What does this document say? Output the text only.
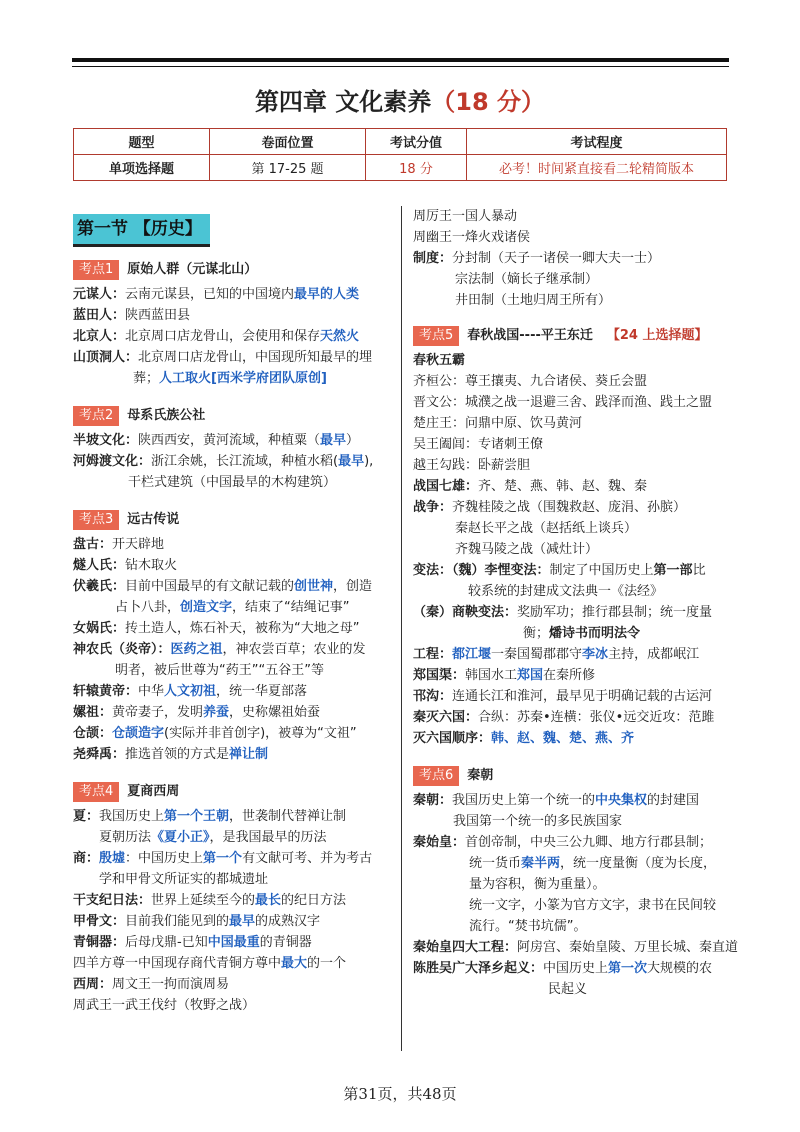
第四章 文化素养（18 分）
题型	卷面位置	考试分值	考试程度
单项选择题	第 17-25 题	18 分	必考！时间紧直接看二轮精简版本
第一节 【历史】
考点1	原始人群（元谋北山）
元谋人：云南元谋县，已知的中国境内最早的人类
蓝田人：陕西蓝田县
北京人：北京周口店龙骨山，会使用和保存天然火
山顶洞人：北京周口店龙骨山，中国现所知最早的埋
葬；人工取火[西米学府团队原创]
考点2	母系氏族公社
半坡文化：陕西西安，黄河流域，种植粟（最早）
河姆渡文化：浙江余姚，长江流域，种植水稻(最早),
干栏式建筑（中国最早的木构建筑）
考点3	远古传说
盘古：开天辟地
燧人氏：钻木取火
伏羲氏：目前中国最早的有文献记载的创世神，创造
占卜八卦，创造文字，结束了“结绳记事”
女娲氏：抟土造人，炼石补天，被称为“大地之母”
神农氏（炎帝）：医药之祖，神农尝百草；农业的发
明者，被后世尊为“药王”“五谷王”等
轩辕黄帝：中华人文初祖，统一华夏部落
嫘祖：黄帝妻子，发明养蚕，史称嫘祖始蚕
仓颉：仓颉造字(实际并非首创字)，被尊为“文祖”
尧舜禹：推选首领的方式是禅让制
考点4	夏商西周
夏：我国历史上第一个王朝，世袭制代替禅让制
夏朝历法《夏小正》，是我国最早的历法
商：殷墟：中国历史上第一个有文献可考、并为考古
学和甲骨文所证实的都城遗址
干支纪日法：世界上延续至今的最长的纪日方法
甲骨文：目前我们能见到的最早的成熟汉字
青铜器：后母戊鼎-已知中国最重的青铜器
四羊方尊一中国现存商代青铜方尊中最大的一个
西周：周文王一拘而演周易
周武王一武王伐纣（牧野之战）
周厉王一国人暴动
周幽王一烽火戏诸侯
制度：分封制（天子一诸侯一卿大夫一士）
宗法制（嫡长子继承制）
井田制（土地归周王所有）
考点5	春秋战国----平王东迁 【24 上选择题】
春秋五霸
齐桓公：尊王攘夷、九合诸侯、葵丘会盟
晋文公：城濮之战一退避三舍、践泽而渔、践土之盟
楚庄王：问鼎中原、饮马黄河
吴王阖闾：专诸刺王僚
越王勾践：卧薪尝胆
战国七雄：齐、楚、燕、韩、赵、魏、秦
战争：齐魏桂陵之战（围魏救赵、庞涓、孙膑）
秦赵长平之战（赵括纸上谈兵）
齐魏马陵之战（减灶计）
变法：（魏）李悝变法：制定了中国历史上第一部比
较系统的封建成文法典一《法经》
（秦）商鞅变法：奖励军功；推行郡县制；统一度量
衡；燔诗书而明法令
工程：都江堰一秦国蜀郡郡守李冰主持，成都岷江
郑国渠：韩国水工郑国在秦所修
邗沟：连通长江和淮河，最早见于明确记载的古运河
秦灭六国：合纵：苏秦•连横：张仪•远交近攻：范雎
灭六国顺序：韩、赵、魏、楚、燕、齐
考点6	秦朝
秦朝：我国历史上第一个统一的中央集权的封建国
我国第一个统一的多民族国家
秦始皇：首创帝制，中央三公九卿、地方行郡县制；
统一货币秦半两，统一度量衡（度为长度，
量为容积，衡为重量）。
统一文字，小篆为官方文字，隶书在民间较
流行。“焚书坑儒”。
秦始皇四大工程：阿房宫、秦始皇陵、万里长城、秦直道
陈胜吴广大泽乡起义：中国历史上第一次大规模的农
民起义
第31页，共48页
